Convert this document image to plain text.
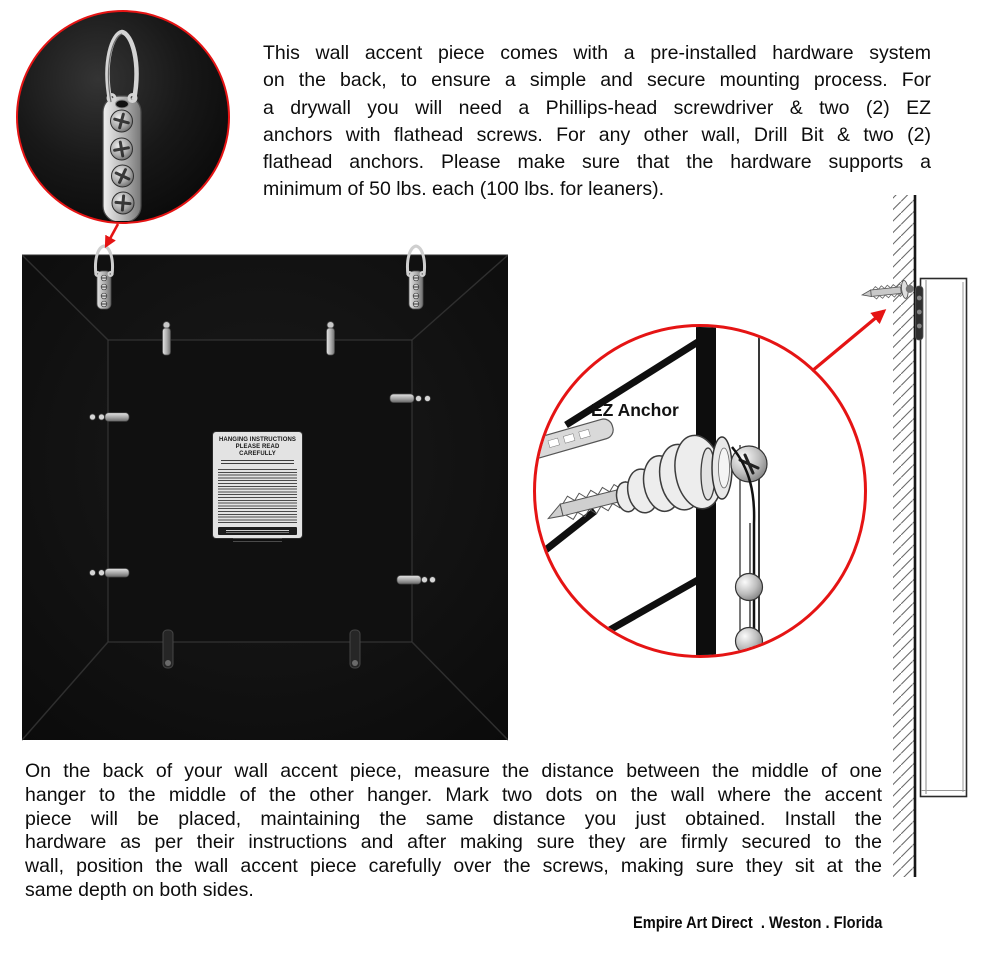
This wall accent piece comes with a pre-installed hardware system
on the back, to ensure a simple and secure mounting process. For
a drywall you will need a Phillips-head screwdriver & two (2) EZ
anchors with flathead screws. For any other wall, Drill Bit & two (2)
flathead anchors. Please make sure that the hardware supports a
minimum of 50 lbs. each (100 lbs. for leaners).
HANGING INSTRUCTIONS
PLEASE READ CAREFULLY
EZ Anchor
On the back of your wall accent piece, measure the distance between the middle of one
hanger to the middle of the other hanger. Mark two dots on the wall where the accent
piece will be placed, maintaining the same distance you just obtained. Install the
hardware as per their instructions and after making sure they are firmly secured to the
wall, position the wall accent piece carefully over the screws, making sure they sit at the
same depth on both sides.
Empire Art Direct  . Weston . Florida
